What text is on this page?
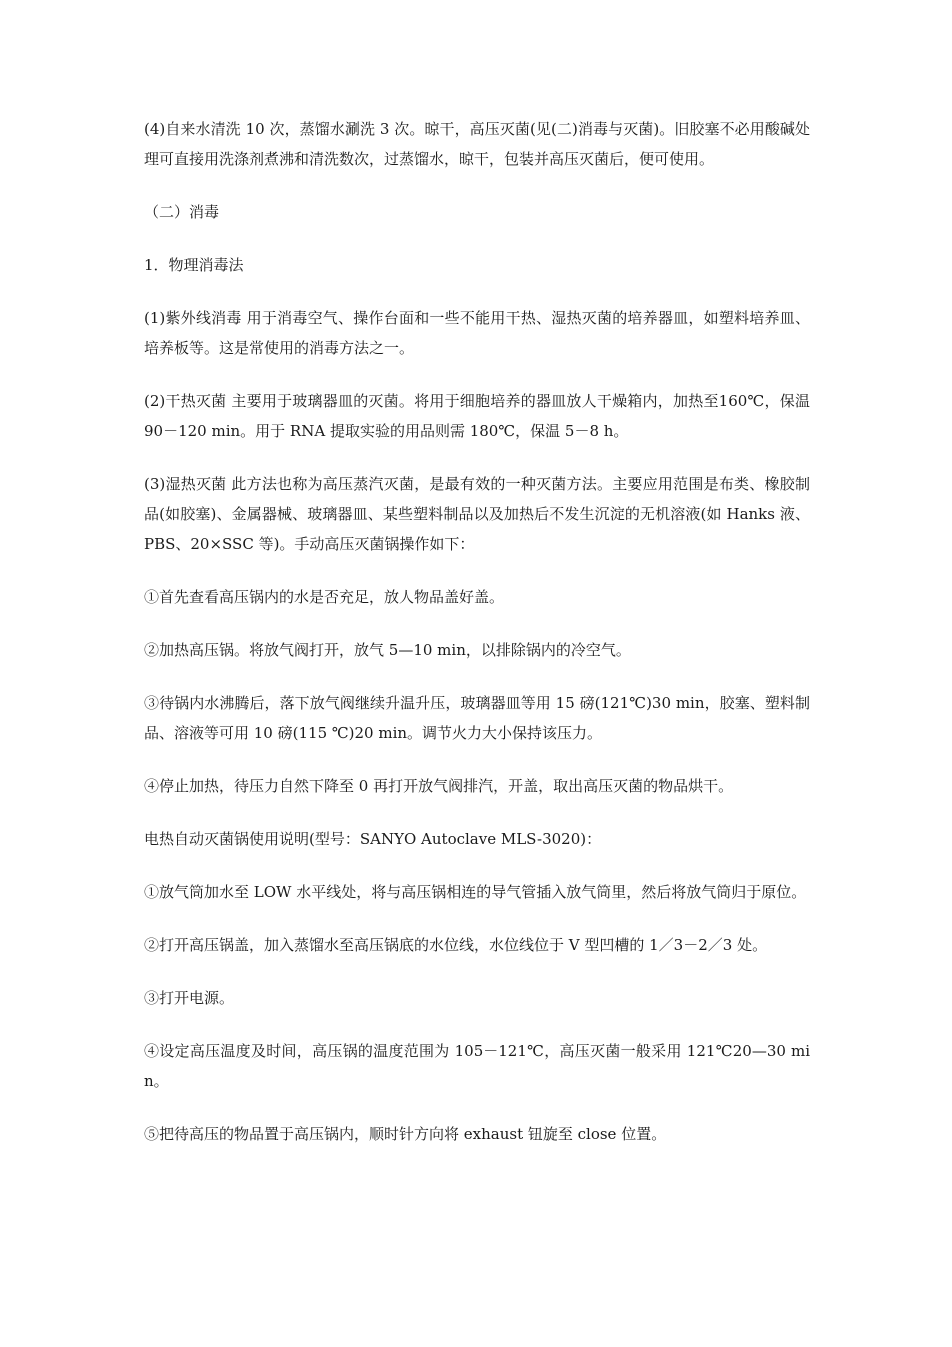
(4)自来水清洗 10 次，蒸馏水涮洗 3 次。晾干，高压灭菌(见(二)消毒与灭菌)。旧胶塞不必用酸碱处理可直接用洗涤剂煮沸和清洗数次，过蒸馏水，晾干，包装并高压灭菌后，便可使用。

（二）消毒

1．物理消毒法

(1)紫外线消毒 用于消毒空气、操作台面和一些不能用干热、湿热灭菌的培养器皿，如塑料培养皿、培养板等。这是常使用的消毒方法之一。

(2)干热灭菌 主要用于玻璃器皿的灭菌。将用于细胞培养的器皿放人干燥箱内，加热至160℃，保温 90－120 min。用于 RNA 提取实验的用品则需 180℃，保温 5－8 h。

(3)湿热灭菌 此方法也称为高压蒸汽灭菌，是最有效的一种灭菌方法。主要应用范围是布类、橡胶制品(如胶塞)、金属器械、玻璃器皿、某些塑料制品以及加热后不发生沉淀的无机溶液(如 Hanks 液、PBS、20×SSC 等)。手动高压灭菌锅操作如下：

①首先查看高压锅内的水是否充足，放人物品盖好盖。

②加热高压锅。将放气阀打开，放气 5—10 min，以排除锅内的冷空气。

③待锅内水沸腾后，落下放气阀继续升温升压，玻璃器皿等用 15 磅(121℃)30 min，胶塞、塑料制品、溶液等可用 10 磅(115 ℃)20 min。调节火力大小保持该压力。

④停止加热，待压力自然下降至 0 再打开放气阀排汽，开盖，取出高压灭菌的物品烘干。

电热自动灭菌锅使用说明(型号：SANYO Autoclave MLS-3020)：

①放气筒加水至 LOW 水平线处，将与高压锅相连的导气管插入放气筒里，然后将放气筒归于原位。

②打开高压锅盖，加入蒸馏水至高压锅底的水位线，水位线位于 V 型凹槽的 1／3－2／3 处。

③打开电源。

④设定高压温度及时间，高压锅的温度范围为 105－121℃，高压灭菌一般采用 121℃20—30 min。

⑤把待高压的物品置于高压锅内，顺时针方向将 exhaust 钮旋至 close 位置。
